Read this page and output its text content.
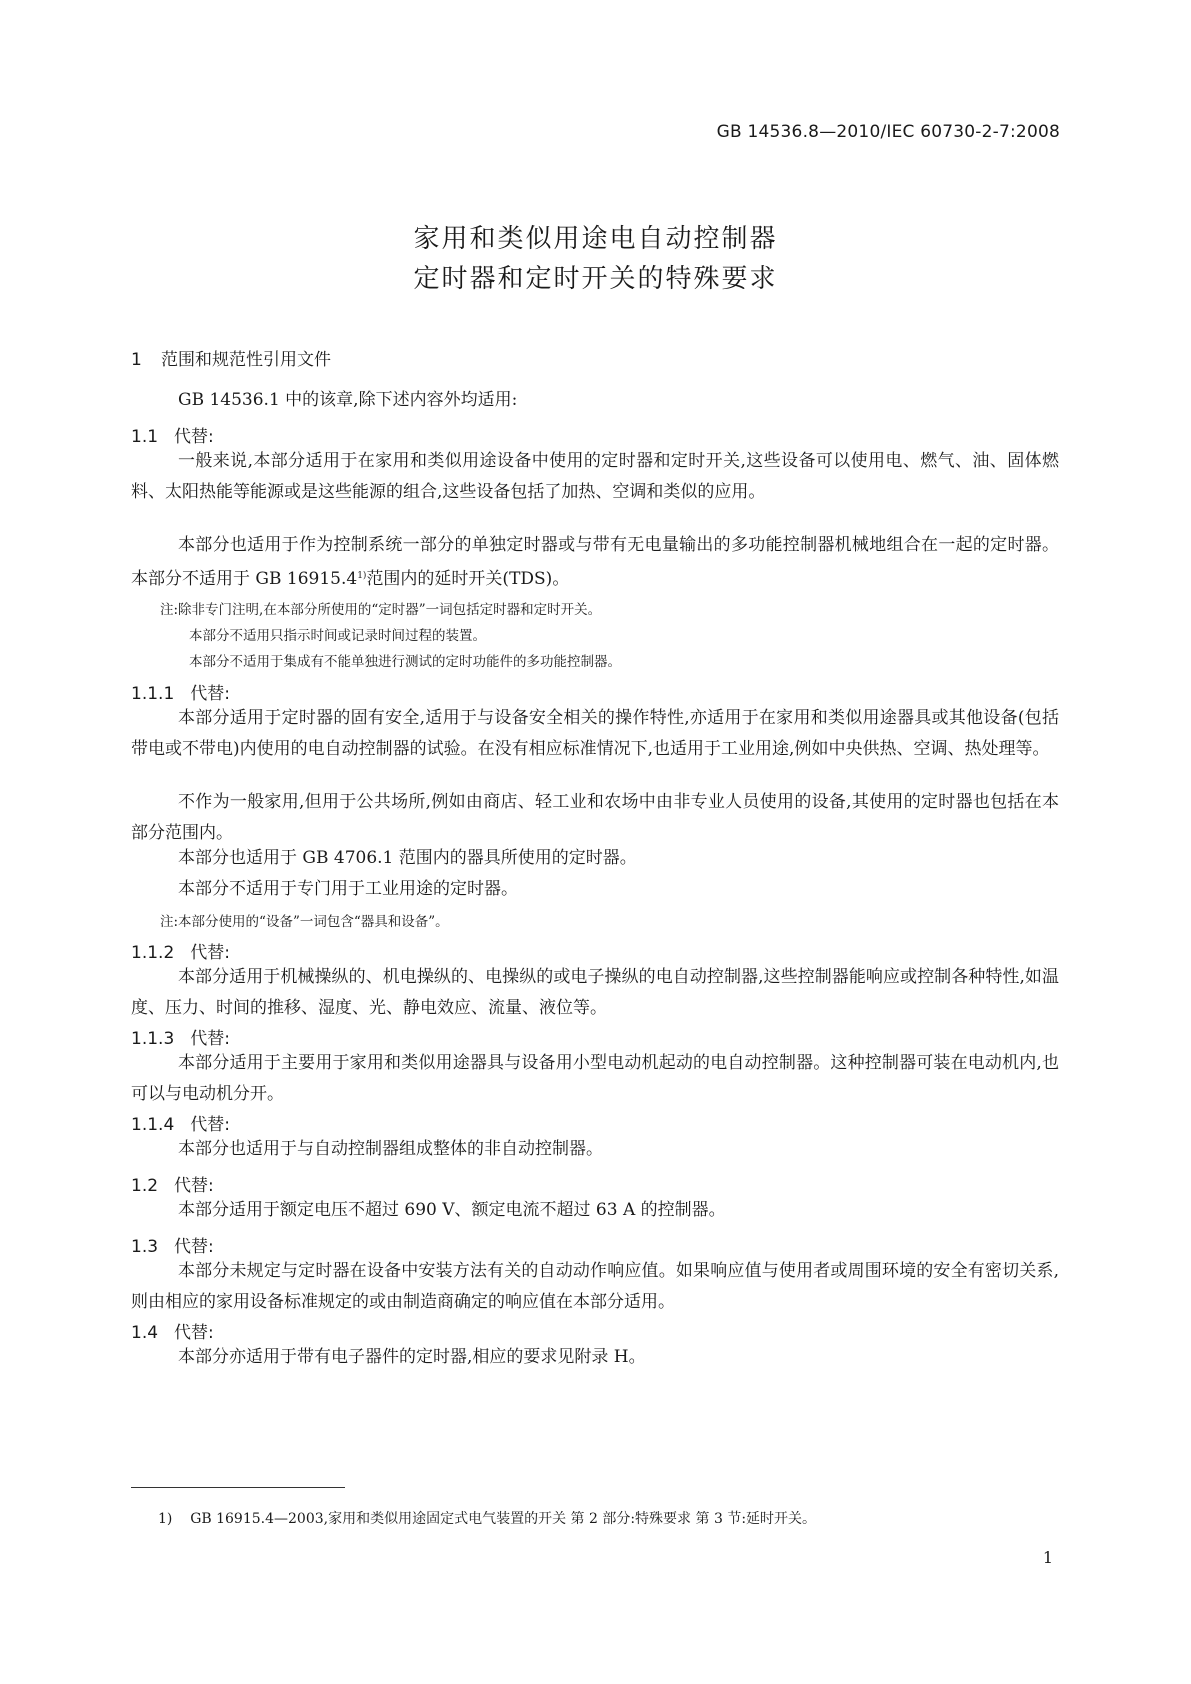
GB 14536.8—2010/IEC 60730-2-7:2008
家用和类似用途电自动控制器
定时器和定时开关的特殊要求
1 范围和规范性引用文件
GB 14536.1 中的该章,除下述内容外均适用:
1.1 代替:
一般来说,本部分适用于在家用和类似用途设备中使用的定时器和定时开关,这些设备可以使用电、燃气、油、固体燃料、太阳热能等能源或是这些能源的组合,这些设备包括了加热、空调和类似的应用。
本部分也适用于作为控制系统一部分的单独定时器或与带有无电量输出的多功能控制器机械地组合在一起的定时器。本部分不适用于 GB 16915.4$^{1)}$范围内的延时开关(TDS)。
注:除非专门注明,在本部分所使用的“定时器”一词包括定时器和定时开关。
本部分不适用只指示时间或记录时间过程的装置。
本部分不适用于集成有不能单独进行测试的定时功能件的多功能控制器。
1.1.1 代替:
本部分适用于定时器的固有安全,适用于与设备安全相关的操作特性,亦适用于在家用和类似用途器具或其他设备(包括带电或不带电)内使用的电自动控制器的试验。在没有相应标准情况下,也适用于工业用途,例如中央供热、空调、热处理等。
不作为一般家用,但用于公共场所,例如由商店、轻工业和农场中由非专业人员使用的设备,其使用的定时器也包括在本部分范围内。
本部分也适用于 GB 4706.1 范围内的器具所使用的定时器。
本部分不适用于专门用于工业用途的定时器。
注:本部分使用的“设备”一词包含“器具和设备”。
1.1.2 代替:
本部分适用于机械操纵的、机电操纵的、电操纵的或电子操纵的电自动控制器,这些控制器能响应或控制各种特性,如温度、压力、时间的推移、湿度、光、静电效应、流量、液位等。
1.1.3 代替:
本部分适用于主要用于家用和类似用途器具与设备用小型电动机起动的电自动控制器。这种控制器可装在电动机内,也可以与电动机分开。
1.1.4 代替:
本部分也适用于与自动控制器组成整体的非自动控制器。
1.2 代替:
本部分适用于额定电压不超过 690 V、额定电流不超过 63 A 的控制器。
1.3 代替:
本部分未规定与定时器在设备中安装方法有关的自动动作响应值。如果响应值与使用者或周围环境的安全有密切关系,则由相应的家用设备标准规定的或由制造商确定的响应值在本部分适用。
1.4 代替:
本部分亦适用于带有电子器件的定时器,相应的要求见附录 H。
1) GB 16915.4—2003,家用和类似用途固定式电气装置的开关 第 2 部分:特殊要求 第 3 节:延时开关。
1
